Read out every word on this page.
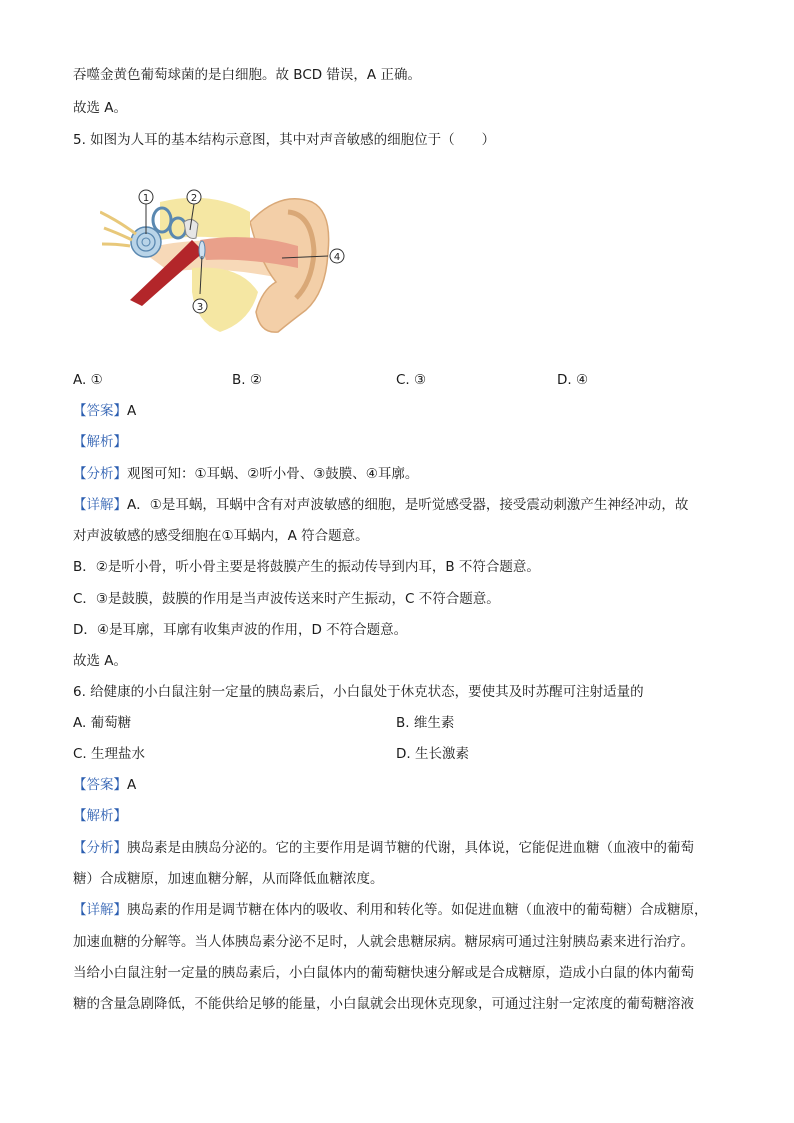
吞噬金黄色葡萄球菌的是白细胞。故 BCD 错误，A 正确。
故选 A。
5. 如图为人耳的基本结构示意图，其中对声音敏感的细胞位于（　　）
1	2
3
4
A. ①	B. ②	C. ③	D. ④
【答案】A
【解析】
【分析】观图可知：①耳蜗、②听小骨、③鼓膜、④耳廓。
【详解】A．①是耳蜗，耳蜗中含有对声波敏感的细胞，是听觉感受器，接受震动刺激产生神经冲动，故
对声波敏感的感受细胞在①耳蜗内，A 符合题意。
B．②是听小骨，听小骨主要是将鼓膜产生的振动传导到内耳，B 不符合题意。
C．③是鼓膜，鼓膜的作用是当声波传送来时产生振动，C 不符合题意。
D．④是耳廓，耳廓有收集声波的作用，D 不符合题意。
故选 A。
6. 给健康的小白鼠注射一定量的胰岛素后，小白鼠处于休克状态，要使其及时苏醒可注射适量的
A. 葡萄糖	B. 维生素
C. 生理盐水	D. 生长激素
【答案】A
【解析】
【分析】胰岛素是由胰岛分泌的。它的主要作用是调节糖的代谢，具体说，它能促进血糖（血液中的葡萄
糖）合成糖原，加速血糖分解，从而降低血糖浓度。
【详解】胰岛素的作用是调节糖在体内的吸收、利用和转化等。如促进血糖（血液中的葡萄糖）合成糖原，
加速血糖的分解等。当人体胰岛素分泌不足时，人就会患糖尿病。糖尿病可通过注射胰岛素来进行治疗。
当给小白鼠注射一定量的胰岛素后，小白鼠体内的葡萄糖快速分解或是合成糖原，造成小白鼠的体内葡萄
糖的含量急剧降低，不能供给足够的能量，小白鼠就会出现休克现象，可通过注射一定浓度的葡萄糖溶液
